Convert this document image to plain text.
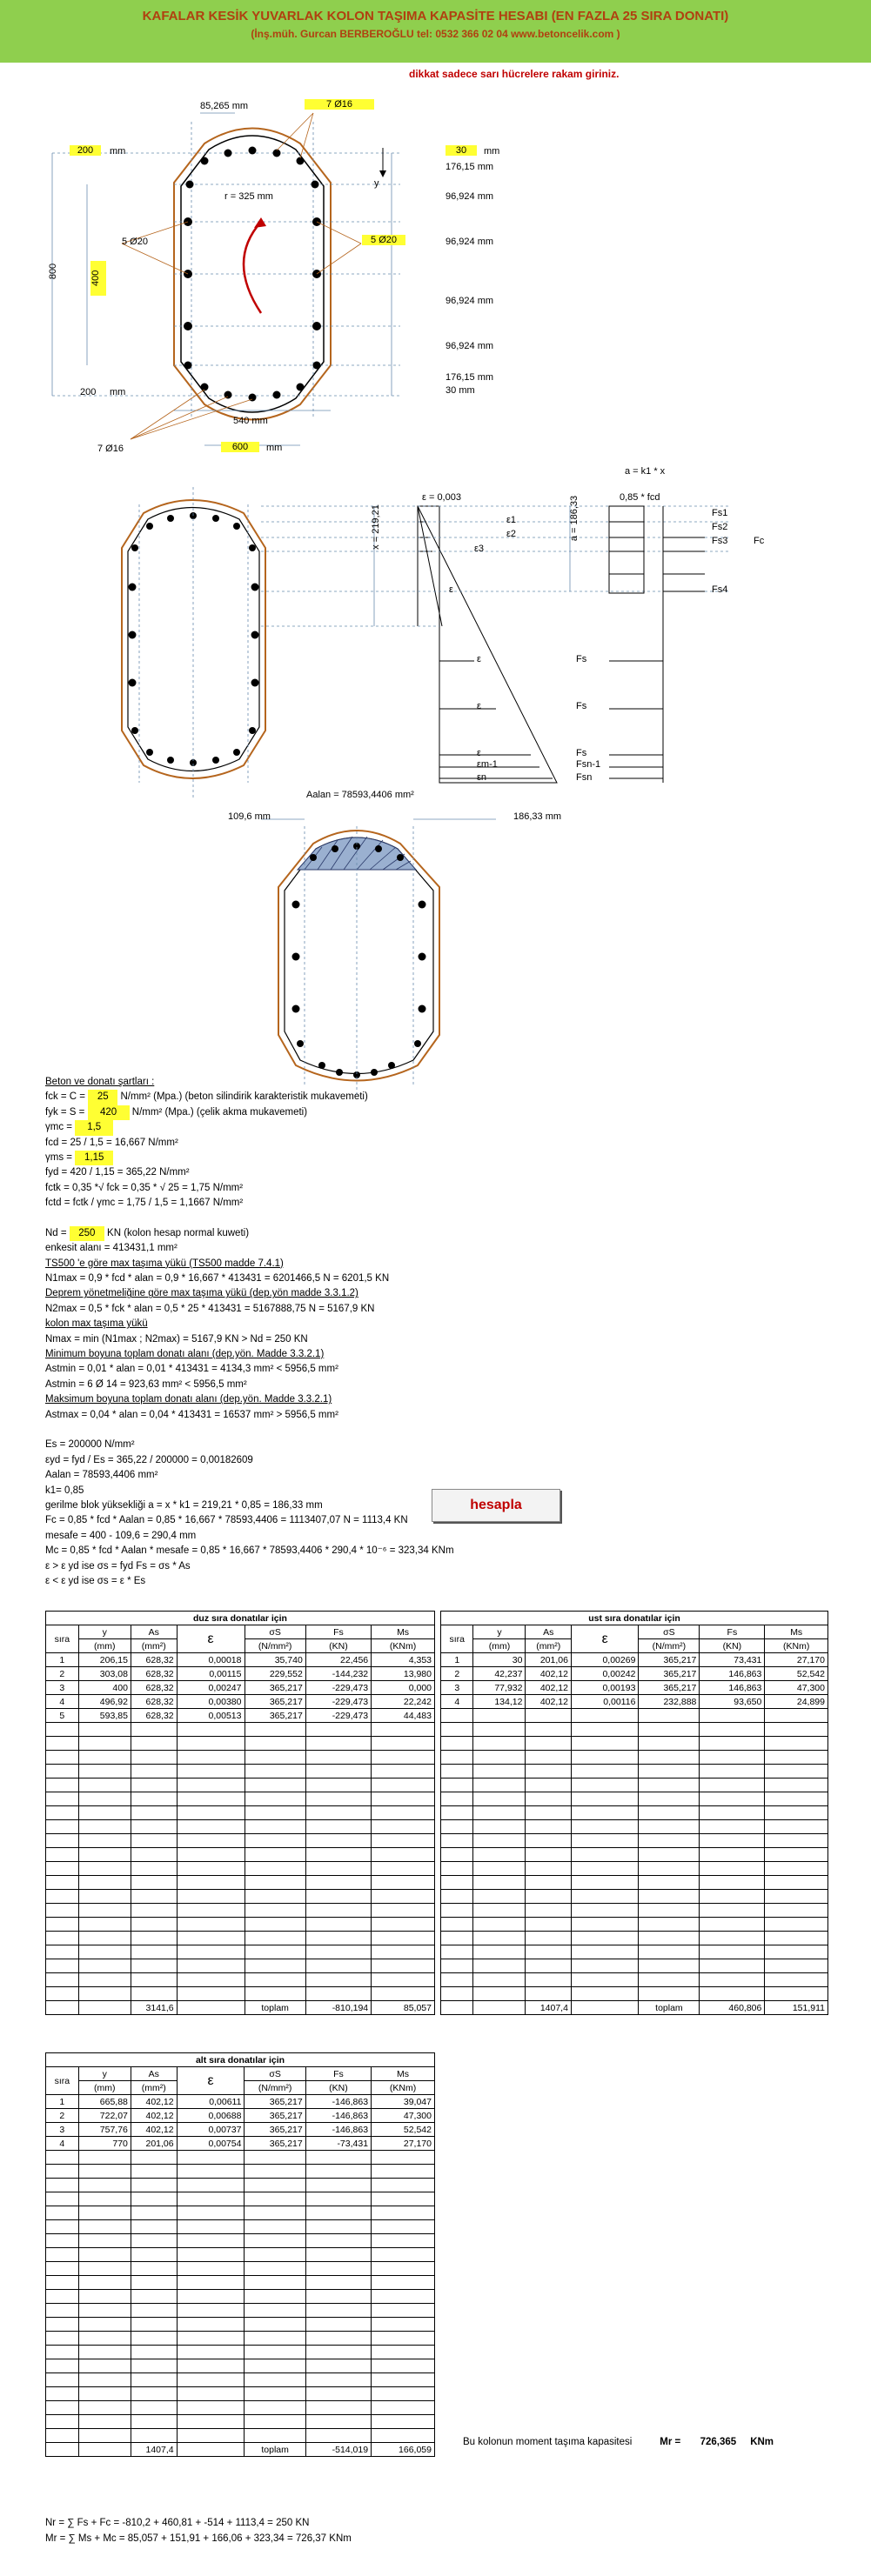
KAFALAR KESİK YUVARLAK KOLON TAŞIMA KAPASİTE HESABI (EN FAZLA 25 SIRA DONATI)
(İnş.müh. Gurcan BERBEROĞLU tel: 0532 366 02 04 www.betoncelik.com )
dikkat sadece sarı hücrelere rakam giriniz.
85,265 mm	7 Ø16
200	mm	30	mm
176,15 mm
96,924 mm
96,924 mm
96,924 mm
96,924 mm
176,15 mm
30 mm
r = 325 mm
5 Ø20	5 Ø20
800	400
y
200 mm
540 mm
600	mm
7 Ø16
a = k1 * x
ε = 0,003	0,85 * fcd
x = 219,21
a = 186,33
ε1
ε2
ε3
Fs1
Fs2
Fs3	Fc
Fs4
ε
ε
ε
ε
εm-1
εn
Fs
Fs
Fs
Fsn-1
Fsn
Aalan = 78593,4406 mm²
109,6 mm	186,33 mm
Beton ve donatı şartları :
fck = C = 25 N/mm² (Mpa.) (beton silindirik karakteristik mukavemeti)
fyk = S = 420 N/mm² (Mpa.) (çelik akma mukavemeti)
γmc = 1,5
fcd = 25 / 1,5 = 16,667 N/mm²
γms = 1,15
fyd = 420 / 1,15 = 365,22 N/mm²
fctk = 0,35 *√ fck = 0,35 * √ 25 = 1,75 N/mm²
fctd = fctk / γmc = 1,75 / 1,5 = 1,1667 N/mm²
Nd = 250 KN (kolon hesap normal kuweti)
enkesit alanı = 413431,1 mm²
TS500 'e göre max taşıma yükü (TS500 madde 7.4.1)
N1max = 0,9 * fcd * alan = 0,9 * 16,667 * 413431 = 6201466,5 N = 6201,5 KN
Deprem yönetmeliğine göre max taşıma yükü (dep.yön madde 3.3.1.2)
N2max = 0,5 * fck * alan = 0,5 * 25 * 413431 = 5167888,75 N = 5167,9 KN
kolon max taşıma yükü
Nmax = min (N1max ; N2max) = 5167,9 KN > Nd = 250 KN
Minimum boyuna toplam donatı alanı (dep.yön. Madde 3.3.2.1)
Astmin = 0,01 * alan = 0,01 * 413431 = 4134,3 mm² < 5956,5 mm²
Astmin = 6 Ø 14 = 923,63 mm² < 5956,5 mm²
Maksimum boyuna toplam donatı alanı (dep.yön. Madde 3.3.2.1)
Astmax = 0,04 * alan = 0,04 * 413431 = 16537 mm² > 5956,5 mm²
Es = 200000 N/mm²
εyd = fyd / Es = 365,22 / 200000 = 0,00182609
Aalan = 78593,4406 mm²
k1= 0,85
gerilme blok yüksekliği a = x * k1 = 219,21 * 0,85 = 186,33 mm
Fc = 0,85 * fcd * Aalan = 0,85 * 16,667 * 78593,4406 = 1113407,07 N = 1113,4 KN
mesafe = 400 - 109,6 = 290,4 mm
Mc = 0,85 * fcd * Aalan * mesafe = 0,85 * 16,667 * 78593,4406 * 290,4 * 10⁻⁶ = 323,34 KNm
ε > ε yd ise σs = fyd Fs = σs * As
ε < ε yd ise σs = ε * Es
hesapla
duz sıra donatılar için						
sıra	y	As	ε	σS	Fs	Ms
	(mm)	(mm²)		(N/mm²)	(KN)	(KNm)
1	206,15	628,32	0,00018	35,740	22,456	4,353
2	303,08	628,32	0,00115	229,552	-144,232	13,980
3	400	628,32	0,00247	365,217	-229,473	0,000
4	496,92	628,32	0,00380	365,217	-229,473	22,242
5	593,85	628,32	0,00513	365,217	-229,473	44,483

		3141,6		toplam	-810,194	85,057
ust sıra donatılar için						
sıra	y	As	ε	σS	Fs	Ms
	(mm)	(mm²)		(N/mm²)	(KN)	(KNm)
1	30	201,06	0,00269	365,217	73,431	27,170
2	42,237	402,12	0,00242	365,217	146,863	52,542
3	77,932	402,12	0,00193	365,217	146,863	47,300
4	134,12	402,12	0,00116	232,888	93,650	24,899

		1407,4		toplam	460,806	151,911
alt sıra donatılar için						
sıra	y	As	ε	σS	Fs	Ms
	(mm)	(mm²)		(N/mm²)	(KN)	(KNm)
1	665,88	402,12	0,00611	365,217	-146,863	39,047
2	722,07	402,12	0,00688	365,217	-146,863	47,300
3	757,76	402,12	0,00737	365,217	-146,863	52,542
4	770	201,06	0,00754	365,217	-73,431	27,170

		1407,4		toplam	-514,019	166,059
Bu kolonun moment taşıma kapasitesi	Mr = 726,365 KNm
Nr = ∑ Fs + Fc = -810,2 + 460,81 + -514 + 1113,4 = 250 KN
Mr = ∑ Ms + Mc = 85,057 + 151,91 + 166,06 + 323,34 = 726,37 KNm
